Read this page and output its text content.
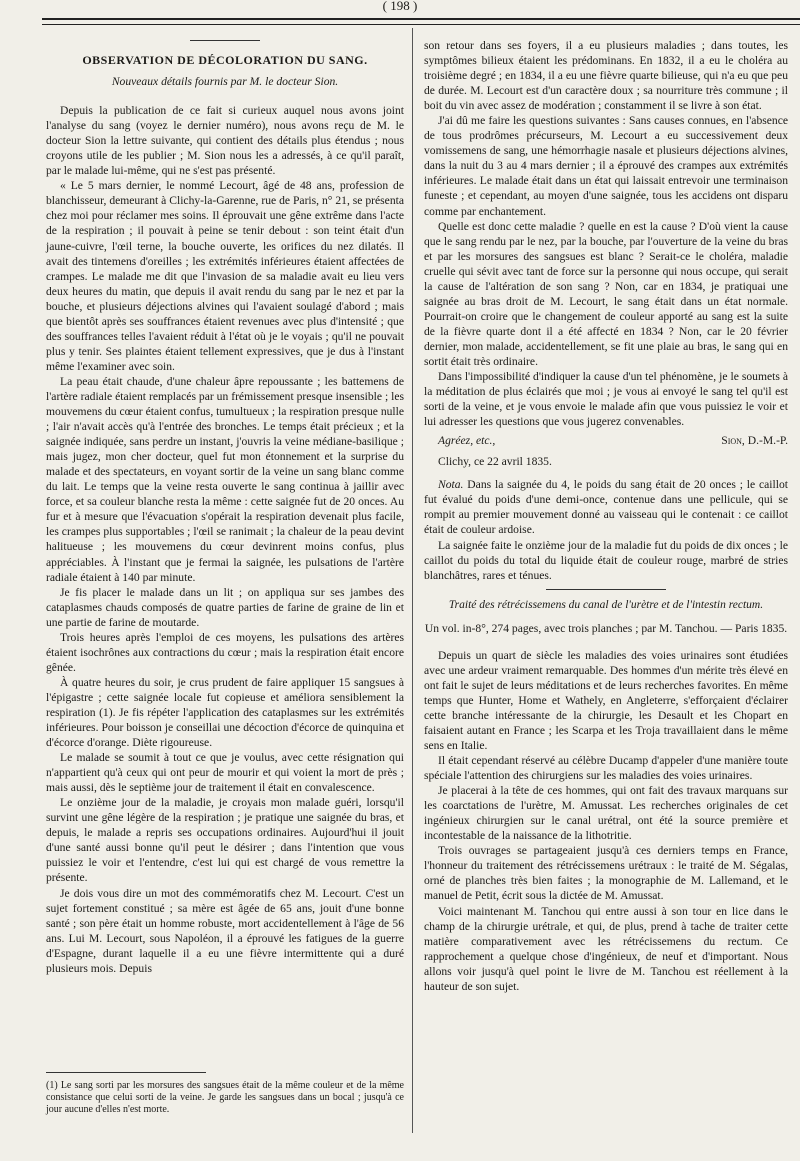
( 198 )
OBSERVATION DE DÉCOLORATION DU SANG.
Nouveaux détails fournis par M. le docteur Sion.

Depuis la publication de ce fait si curieux auquel nous avons joint l'analyse du sang (voyez le dernier numéro), nous avons reçu de M. le docteur Sion la lettre suivante, qui contient des détails plus étendus ; nous croyons utile de les publier ; M. Sion nous les a adressés, à ce qu'il paraît, par le malade lui-même, qui ne s'est pas présenté.

« Le 5 mars dernier, le nommé Lecourt, âgé de 48 ans, profession de blanchisseur, demeurant à Clichy-la-Garenne, rue de Paris, n° 21, se présenta chez moi pour réclamer mes soins. Il éprouvait une gêne extrême dans l'acte de la respiration ; il pouvait à peine se tenir debout : son teint était d'un jaune-cuivre, l'œil terne, la bouche ouverte, les orifices du nez dilatés. Il avait des tintemens d'oreilles ; les extrémités inférieures étaient affectées de crampes. Le malade me dit que l'invasion de sa maladie avait eu lieu vers deux heures du matin, que depuis il avait rendu du sang par le nez et par la bouche, et plusieurs déjections alvines qui l'avaient soulagé d'abord ; mais que bientôt après ses souffrances étaient revenues avec plus d'intensité ; que des souffrances telles l'avaient réduit à l'état où je le voyais ; qu'il ne pouvait plus y tenir. Ses plaintes étaient tellement expressives, que je dus à l'instant même l'examiner avec soin.

La peau était chaude, d'une chaleur âpre repoussante ; les battemens de l'artère radiale étaient remplacés par un frémissement presque insensible ; les mouvemens du cœur étaient confus, tumultueux ; la respiration presque nulle ; l'air n'avait accès qu'à l'entrée des bronches. Le temps était précieux ; et la saignée indiquée, sans perdre un instant, j'ouvris la veine médiane-basilique ; mais jugez, mon cher docteur, quel fut mon étonnement et la surprise du malade et des spectateurs, en voyant sortir de la veine un sang blanc comme du lait. Le temps que la veine resta ouverte le sang continua à jaillir avec force, et sa couleur blanche resta la même : cette saignée fut de 20 onces. Au fur et à mesure que l'évacuation s'opérait la respiration devenait plus facile, les crampes plus supportables ; l'œil se ranimait ; la chaleur de la peau devint halitueuse ; les mouvemens du cœur devinrent moins confus, plus appréciables. À l'instant que je fermai la saignée, les pulsations de l'artère radiale étaient à 140 par minute.

Je fis placer le malade dans un lit ; on appliqua sur ses jambes des cataplasmes chauds composés de quatre parties de farine de graine de lin et une partie de farine de moutarde.

Trois heures après l'emploi de ces moyens, les pulsations des artères étaient isochrônes aux contractions du cœur ; mais la respiration était encore gênée.

À quatre heures du soir, je crus prudent de faire appliquer 15 sangsues à l'épigastre ; cette saignée locale fut copieuse et améliora sensiblement la respiration (1). Je fis répéter l'application des cataplasmes sur les extrémités inférieures. Pour boisson je conseillai une décoction d'écorce de quinquina et d'écorce d'orange. Diète rigoureuse.

Le malade se soumit à tout ce que je voulus, avec cette résignation qui n'appartient qu'à ceux qui ont peur de mourir et qui voient la mort de près ; mais aussi, dès le septième jour de traitement il était en convalescence.

Le onzième jour de la maladie, je croyais mon malade guéri, lorsqu'il survint une gêne légère de la respiration ; je pratique une saignée du bras, et depuis, le malade a repris ses occupations ordinaires. Aujourd'hui il jouit d'une santé aussi bonne qu'il peut le désirer ; dans l'intention que vous puissiez le voir et l'entendre, c'est lui qui est chargé de vous remettre la présente.

Je dois vous dire un mot des commémoratifs chez M. Lecourt. C'est un sujet fortement constitué ; sa mère est âgée de 65 ans, jouit d'une bonne santé ; son père était un homme robuste, mort accidentellement à l'âge de 56 ans. Lui M. Lecourt, sous Napoléon, il a éprouvé les fatigues de la guerre d'Espagne, durant laquelle il a eu une fièvre intermittente qui a duré plusieurs mois. Depuis

(1) Le sang sorti par les morsures des sangsues était de la même couleur et de la même consistance que celui sorti de la veine. Je garde les sangsues dans un bocal ; jusqu'à ce jour aucune d'elles n'est morte.

son retour dans ses foyers, il a eu plusieurs maladies ; dans toutes, les symptômes bilieux étaient les prédominans. En 1832, il a eu le choléra au troisième degré ; en 1834, il a eu une fièvre quarte bilieuse, qui n'a eu que peu de durée. M. Lecourt est d'un caractère doux ; sa nourriture très commune ; il boit du vin avec assez de modération ; constamment il se livre à son état.

J'ai dû me faire les questions suivantes : Sans causes connues, en l'absence de tous prodrômes précurseurs, M. Lecourt a eu successivement deux vomissemens de sang, une hémorrhagie nasale et plusieurs déjections alvines, dans la nuit du 3 au 4 mars dernier ; il a éprouvé des crampes aux extrémités inférieures. Le malade était dans un état qui laissait entrevoir une terminaison funeste ; et cependant, au moyen d'une saignée, tous les accidens ont disparu comme par enchantement.

Quelle est donc cette maladie ? quelle en est la cause ? D'où vient la cause que le sang rendu par le nez, par la bouche, par l'ouverture de la veine du bras et par les morsures des sangsues est blanc ? Serait-ce le choléra, maladie cruelle qui sévit avec tant de force sur la personne qui nous occupe, qui serait la cause de l'altération de son sang ? Non, car en 1834, je pratiquai une saignée au bras droit de M. Lecourt, le sang était dans un état normale. Pourrait-on croire que le changement de couleur apporté au sang est la suite de la fièvre quarte dont il a été affecté en 1834 ? Non, car le 20 février dernier, mon malade, accidentellement, se fit une plaie au bras, le sang qui en sortit était très ordinaire.

Dans l'impossibilité d'indiquer la cause d'un tel phénomène, je le soumets à la méditation de plus éclairés que moi ; je vous ai envoyé le sang tel qu'il est sorti de la veine, et je vous envoie le malade afin que vous puissiez le voir et lui adresser les questions que vous jugerez convenables.

Agréez, etc.,	Sion, D.-M.-P.

Clichy, ce 22 avril 1835.

Nota. Dans la saignée du 4, le poids du sang était de 20 onces ; le caillot fut évalué du poids d'une demi-once, contenue dans une pellicule, qui se rompit au premier mouvement donné au vaisseau qui le contenait : ce caillot était de couleur ardoise.

La saignée faite le onzième jour de la maladie fut du poids de dix onces ; le caillot du poids du total du liquide était de couleur rouge, marbré de stries blanchâtres, rares et ténues.

Traité des rétrécissemens du canal de l'urètre et de l'intestin rectum.
Un vol. in-8°, 274 pages, avec trois planches ; par M. Tanchou. — Paris 1835.

Depuis un quart de siècle les maladies des voies urinaires sont étudiées avec une ardeur vraiment remarquable. Des hommes d'un mérite très élevé en ont fait le sujet de leurs méditations et de leurs recherches favorites. En même temps que Hunter, Home et Wathely, en Angleterre, s'efforçaient d'éclairer cette branche intéressante de la chirurgie, les Desault et les Chopart en faisaient autant en France ; les Scarpa et les Troja travaillaient dans le même sens en Italie.

Il était cependant réservé au célèbre Ducamp d'appeler d'une manière toute spéciale l'attention des chirurgiens sur les maladies des voies urinaires.

Je placerai à la tête de ces hommes, qui ont fait des travaux marquans sur les coarctations de l'urètre, M. Amussat. Les recherches originales de cet ingénieux chirurgien sur le canal urétral, ont été la source première et incontestable de la naissance de la lithotritie.

Trois ouvrages se partageaient jusqu'à ces derniers temps en France, l'honneur du traitement des rétrécissemens urétraux : le traité de M. Ségalas, orné de planches très bien faites ; la monographie de M. Lallemand, et le manuel de Petit, écrit sous la dictée de M. Amussat.

Voici maintenant M. Tanchou qui entre aussi à son tour en lice dans le champ de la chirurgie urétrale, et qui, de plus, prend à tache de traiter cette matière comparativement avec les rétrécissemens du rectum. Ce rapprochement a quelque chose d'ingénieux, de neuf et d'important. Nous allons voir jusqu'à quel point le livre de M. Tanchou est réellement à la hauteur de son sujet.
